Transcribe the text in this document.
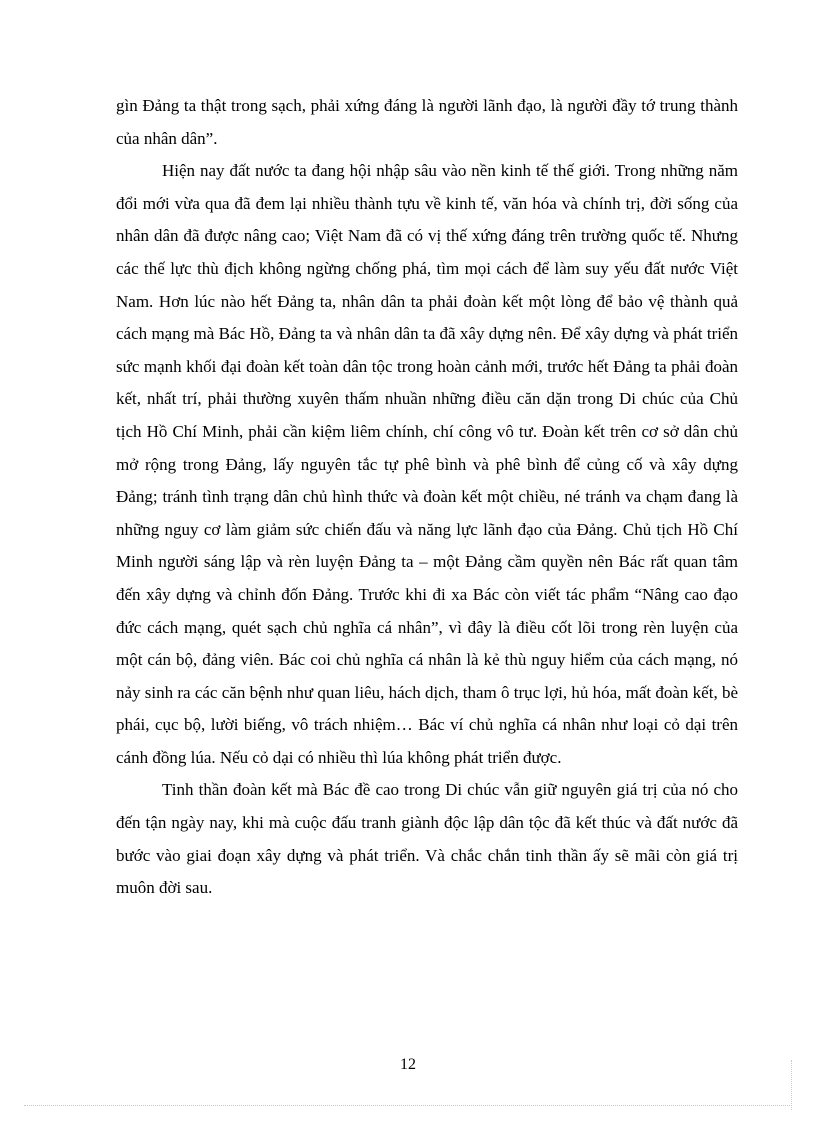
gìn Đảng ta thật trong sạch, phải xứng đáng là người lãnh đạo, là người đầy tớ trung thành của nhân dân”.

Hiện nay đất nước ta đang hội nhập sâu vào nền kinh tế thế giới. Trong những năm đổi mới vừa qua đã đem lại nhiều thành tựu về kinh tế, văn hóa và chính trị, đời sống của nhân dân đã được nâng cao; Việt Nam đã có vị thế xứng đáng trên trường quốc tế. Nhưng các thế lực thù địch không ngừng chống phá, tìm mọi cách để làm suy yếu đất nước Việt Nam. Hơn lúc nào hết Đảng ta, nhân dân ta phải đoàn kết một lòng để bảo vệ thành quả cách mạng mà Bác Hồ, Đảng ta và nhân dân ta đã xây dựng nên. Để xây dựng và phát triển sức mạnh khối đại đoàn kết toàn dân tộc trong hoàn cảnh mới, trước hết Đảng ta phải đoàn kết, nhất trí, phải thường xuyên thấm nhuần những điều căn dặn trong Di chúc của Chủ tịch Hồ Chí Minh, phải cần kiệm liêm chính, chí công vô tư. Đoàn kết trên cơ sở dân chủ mở rộng trong Đảng, lấy nguyên tắc tự phê bình và phê bình để củng cố và xây dựng Đảng; tránh tình trạng dân chủ hình thức và đoàn kết một chiều, né tránh va chạm đang là những nguy cơ làm giảm sức chiến đấu và năng lực lãnh đạo của Đảng. Chủ tịch Hồ Chí Minh người sáng lập và rèn luyện Đảng ta – một Đảng cầm quyền nên Bác rất quan tâm đến xây dựng và chỉnh đốn Đảng. Trước khi đi xa Bác còn viết tác phẩm “Nâng cao đạo đức cách mạng, quét sạch chủ nghĩa cá nhân”, vì đây là điều cốt lõi trong rèn luyện của một cán bộ, đảng viên. Bác coi chủ nghĩa cá nhân là kẻ thù nguy hiểm của cách mạng, nó nảy sinh ra các căn bệnh như quan liêu, hách dịch, tham ô trục lợi, hủ hóa, mất đoàn kết, bè phái, cục bộ, lười biếng, vô trách nhiệm… Bác ví chủ nghĩa cá nhân như loại cỏ dại trên cánh đồng lúa. Nếu cỏ dại có nhiều thì lúa không phát triển được.

Tinh thần đoàn kết mà Bác đề cao trong Di chúc vẫn giữ nguyên giá trị của nó cho đến tận ngày nay, khi mà cuộc đấu tranh giành độc lập dân tộc đã kết thúc và đất nước đã bước vào giai đoạn xây dựng và phát triển. Và chắc chắn tinh thần ấy sẽ mãi còn giá trị muôn đời sau.

12
